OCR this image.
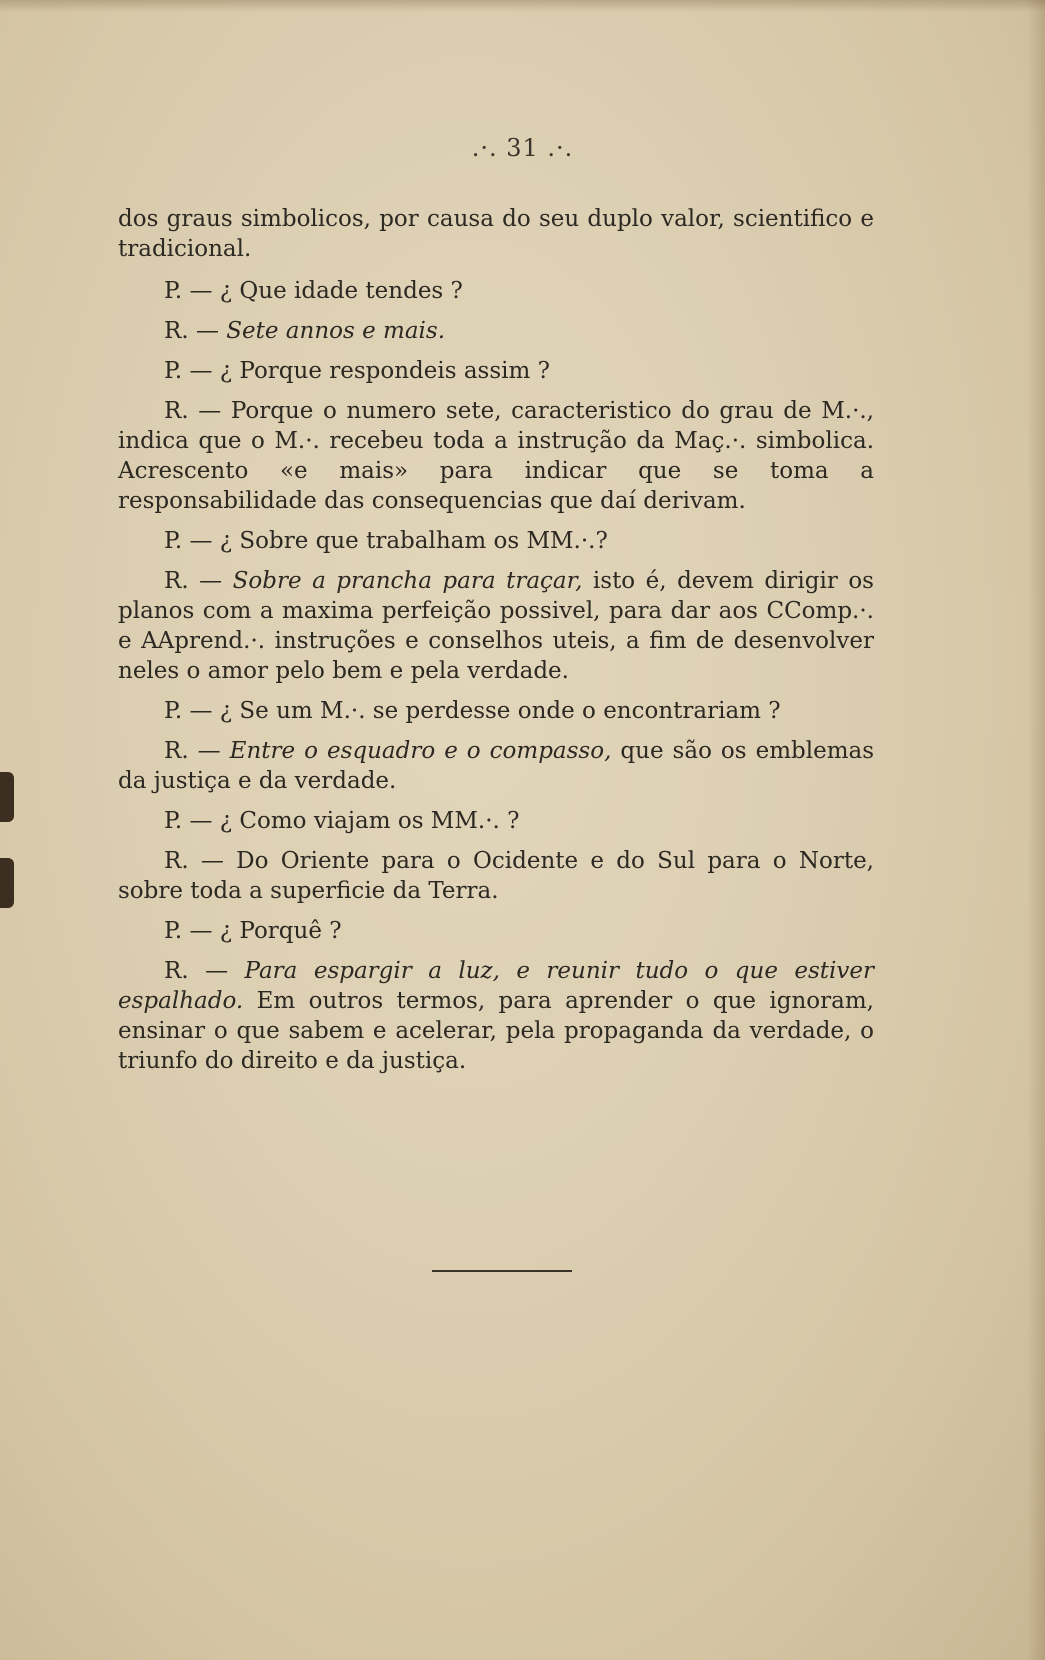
.·. 31 .·.

dos graus simbolicos, por causa do seu duplo valor, scientifico e tradicional.

P. — ¿ Que idade tendes ?

R. — Sete annos e mais.

P. — ¿ Porque respondeis assim ?

R. — Porque o numero sete, caracteristico do grau de M.·., indica que o M.·. recebeu toda a instrução da Maç.·. simbolica. Acrescento «e mais» para indicar que se toma a responsabilidade das consequencias que daí derivam.

P. — ¿ Sobre que trabalham os MM.·.?

R. — Sobre a prancha para traçar, isto é, devem dirigir os planos com a maxima perfeição possivel, para dar aos CComp.·. e AAprend.·. instruções e conselhos uteis, a fim de desenvolver neles o amor pelo bem e pela verdade.

P. — ¿ Se um M.·. se perdesse onde o encontrariam ?

R. — Entre o esquadro e o compasso, que são os emblemas da justiça e da verdade.

P. — ¿ Como viajam os MM.·. ?

R. — Do Oriente para o Ocidente e do Sul para o Norte, sobre toda a superficie da Terra.

P. — ¿ Porquê ?

R. — Para espargir a luz, e reunir tudo o que estiver espalhado. Em outros termos, para aprender o que ignoram, ensinar o que sabem e acelerar, pela propaganda da verdade, o triunfo do direito e da justiça.
